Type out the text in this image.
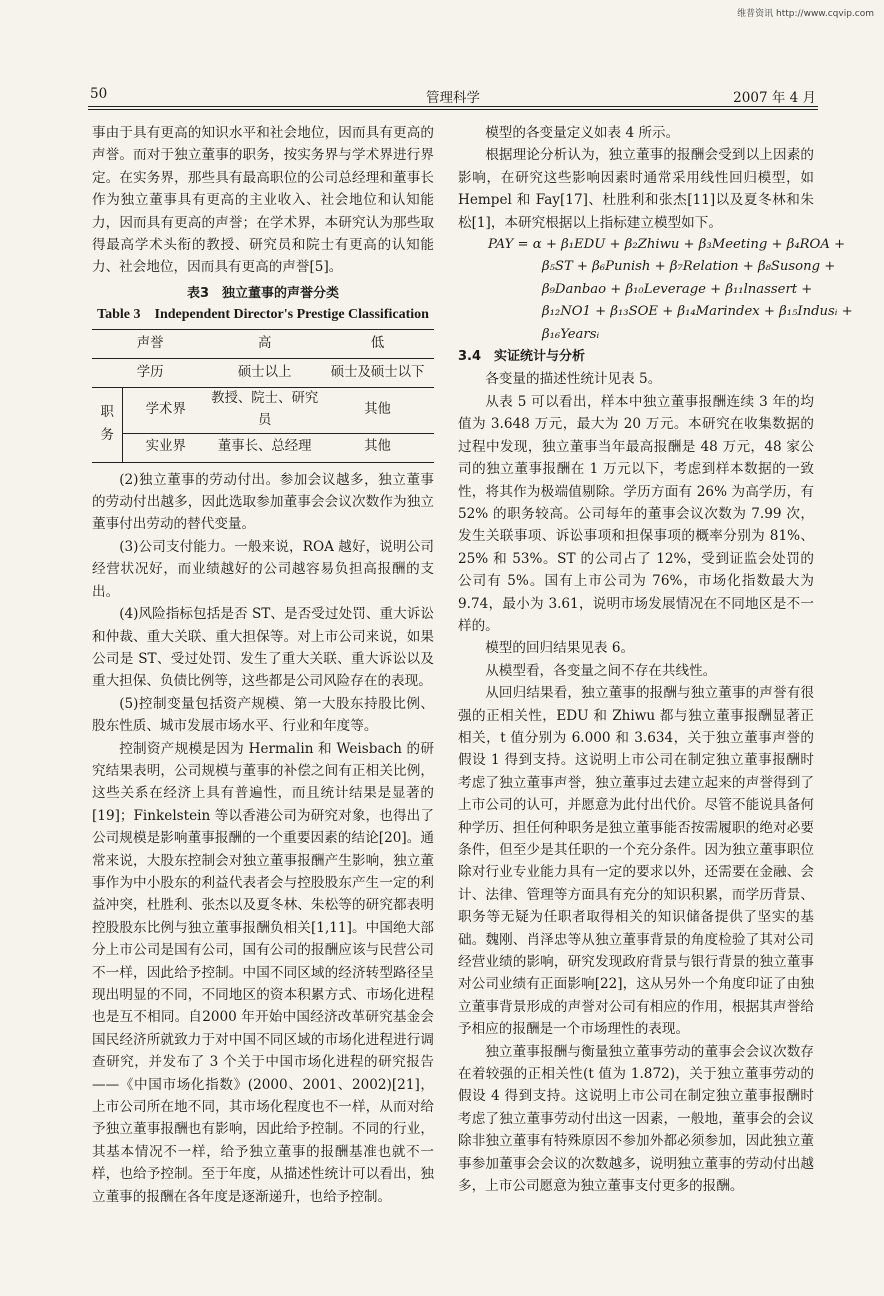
维普资讯 http://www.cqvip.com
50	管理科学	2007 年 4 月

事由于具有更高的知识水平和社会地位，因而具有更高的声誉。而对于独立董事的职务，按实务界与学术界进行界定。在实务界，那些具有最高职位的公司总经理和董事长作为独立董事具有更高的主业收入、社会地位和认知能力，因而具有更高的声誉；在学术界，本研究认为那些取得最高学术头衔的教授、研究员和院士有更高的认知能力、社会地位，因而具有更高的声誉[5]。

表3　独立董事的声誉分类
Table 3　Independent Director's Prestige Classification
声誉		高	低
学历		硕士以上	硕士及硕士以下
职务	学术界	教授、院士、研究员	其他
	实业界	董事长、总经理	其他

(2)独立董事的劳动付出。参加会议越多，独立董事的劳动付出越多，因此选取参加董事会会议次数作为独立董事付出劳动的替代变量。

(3)公司支付能力。一般来说，ROA 越好，说明公司经营状况好，而业绩越好的公司越容易负担高报酬的支出。

(4)风险指标包括是否 ST、是否受过处罚、重大诉讼和仲裁、重大关联、重大担保等。对上市公司来说，如果公司是 ST、受过处罚、发生了重大关联、重大诉讼以及重大担保、负债比例等，这些都是公司风险存在的表现。

(5)控制变量包括资产规模、第一大股东持股比例、股东性质、城市发展市场水平、行业和年度等。

控制资产规模是因为 Hermalin 和 Weisbach 的研究结果表明，公司规模与董事的补偿之间有正相关比例，这些关系在经济上具有普遍性，而且统计结果是显著的[19]；Finkelstein 等以香港公司为研究对象，也得出了公司规模是影响董事报酬的一个重要因素的结论[20]。通常来说，大股东控制会对独立董事报酬产生影响，独立董事作为中小股东的利益代表者会与控股股东产生一定的利益冲突，杜胜利、张杰以及夏冬林、朱松等的研究都表明控股股东比例与独立董事报酬负相关[1,11]。中国绝大部分上市公司是国有公司，国有公司的报酬应该与民营公司不一样，因此给予控制。中国不同区域的经济转型路径呈现出明显的不同，不同地区的资本积累方式、市场化进程也是互不相同。自2000 年开始中国经济改革研究基金会国民经济所就致力于对中国不同区域的市场化进程进行调查研究，并发布了 3 个关于中国市场化进程的研究报告——《中国市场化指数》(2000、2001、2002)[21]，上市公司所在地不同，其市场化程度也不一样，从而对给予独立董事报酬也有影响，因此给予控制。不同的行业，其基本情况不一样，给予独立董事的报酬基准也就不一样，也给予控制。至于年度，从描述性统计可以看出，独立董事的报酬在各年度是逐渐递升，也给予控制。

模型的各变量定义如表 4 所示。

根据理论分析认为，独立董事的报酬会受到以上因素的影响，在研究这些影响因素时通常采用线性回归模型，如 Hempel 和 Fay[17]、杜胜利和张杰[11]以及夏冬林和朱松[1]，本研究根据以上指标建立模型如下。

PAY = α + β₁EDU + β₂Zhiwu + β₃Meeting + β₄ROA +
β₅ST + β₆Punish + β₇Relation + β₈Susong +
β₉Danbao + β₁₀Leverage + β₁₁lnassert +
β₁₂NO1 + β₁₃SOE + β₁₄Marindex + β₁₅Indusᵢ +
β₁₆Yearsᵢ

3.4　实证统计与分析

各变量的描述性统计见表 5。

从表 5 可以看出，样本中独立董事报酬连续 3 年的均值为 3.648 万元，最大为 20 万元。本研究在收集数据的过程中发现，独立董事当年最高报酬是 48 万元，48 家公司的独立董事报酬在 1 万元以下，考虑到样本数据的一致性，将其作为极端值剔除。学历方面有 26% 为高学历，有 52% 的职务较高。公司每年的董事会议次数为 7.99 次，发生关联事项、诉讼事项和担保事项的概率分别为 81%、25% 和 53%。ST 的公司占了 12%，受到证监会处罚的公司有 5%。国有上市公司为 76%，市场化指数最大为 9.74，最小为 3.61，说明市场发展情况在不同地区是不一样的。

模型的回归结果见表 6。

从模型看，各变量之间不存在共线性。

从回归结果看，独立董事的报酬与独立董事的声誉有很强的正相关性，EDU 和 Zhiwu 都与独立董事报酬显著正相关，t 值分别为 6.000 和 3.634，关于独立董事声誉的假设 1 得到支持。这说明上市公司在制定独立董事报酬时考虑了独立董事声誉，独立董事过去建立起来的声誉得到了上市公司的认可，并愿意为此付出代价。尽管不能说具备何种学历、担任何种职务是独立董事能否按需履职的绝对必要条件，但至少是其任职的一个充分条件。因为独立董事职位除对行业专业能力具有一定的要求以外，还需要在金融、会计、法律、管理等方面具有充分的知识积累，而学历背景、职务等无疑为任职者取得相关的知识储备提供了坚实的基础。魏刚、肖泽忠等从独立董事背景的角度检验了其对公司经营业绩的影响，研究发现政府背景与银行背景的独立董事对公司业绩有正面影响[22]，这从另外一个角度印证了由独立董事背景形成的声誉对公司有相应的作用，根据其声誉给予相应的报酬是一个市场理性的表现。

独立董事报酬与衡量独立董事劳动的董事会会议次数存在着较强的正相关性(t 值为 1.872)，关于独立董事劳动的假设 4 得到支持。这说明上市公司在制定独立董事报酬时考虑了独立董事劳动付出这一因素，一般地，董事会的会议除非独立董事有特殊原因不参加外都必须参加，因此独立董事参加董事会会议的次数越多，说明独立董事的劳动付出越多，上市公司愿意为独立董事支付更多的报酬。
